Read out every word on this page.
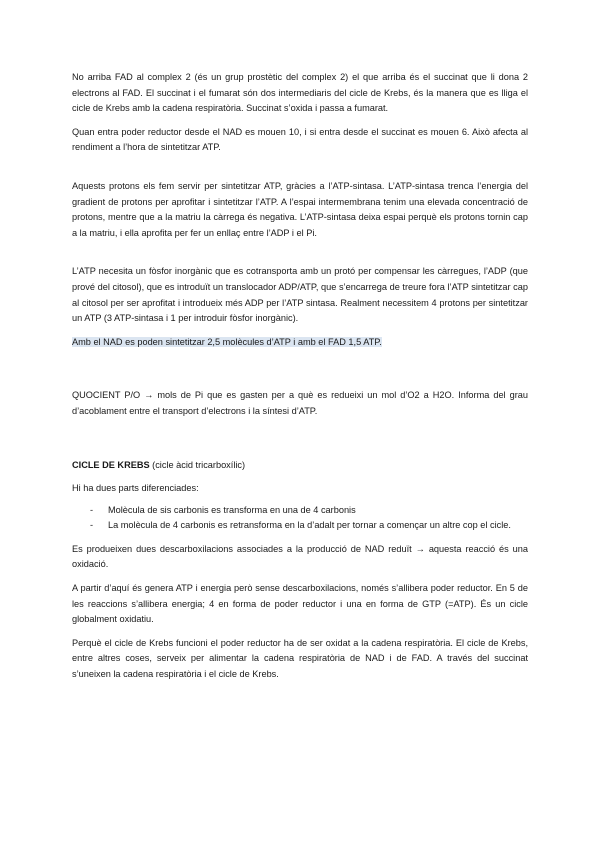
No arriba FAD al complex 2 (és un grup prostètic del complex 2) el que arriba és el succinat que li dona 2 electrons al FAD. El succinat i el fumarat són dos intermediaris del cicle de Krebs, és la manera que es lliga el cicle de Krebs amb la cadena respiratòria. Succinat s’oxida i passa a fumarat.

Quan entra poder reductor desde el NAD es mouen 10, i si entra desde el succinat es mouen 6. Això afecta al rendiment a l’hora de sintetitzar ATP.

Aquests protons els fem servir per sintetitzar ATP, gràcies a l’ATP-sintasa. L’ATP-sintasa trenca l’energia del gradient de protons per aprofitar i sintetitzar l’ATP. A l’espai intermembrana tenim una elevada concentració de protons, mentre que a la matriu la càrrega és negativa. L’ATP-sintasa deixa espai perquè els protons tornin cap a la matriu, i ella aprofita per fer un enllaç entre l’ADP i el Pi.

L’ATP necesita un fòsfor inorgànic que es cotransporta amb un protó per compensar les càrregues, l’ADP (que prové del citosol), que es introduït un translocador ADP/ATP, que s’encarrega de treure fora l’ATP sintetitzar cap al citosol per ser aprofitat i introdueix més ADP per l’ATP sintasa. Realment necessitem 4 protons per sintetitzar un ATP (3 ATP-sintasa i 1 per introduir fòsfor inorgànic).

Amb el NAD es poden sintetitzar 2,5 molècules d’ATP i amb el FAD 1,5 ATP.

QUOCIENT P/O → mols de Pi que es gasten per a què es redueixi un mol d’O2 a H2O. Informa del grau d’acoblament entre el transport d’electrons i la síntesi d’ATP.

CICLE DE KREBS (cicle àcid tricarboxílic)

Hi ha dues parts diferenciades:

- Molècula de sis carbonis es transforma en una de 4 carbonis
- La molècula de 4 carbonis es retransforma en la d’adalt per tornar a començar un altre cop el cicle.

Es produeixen dues descarboxilacions associades a la producció de NAD reduït → aquesta reacció és una oxidació.

A partir d’aquí és genera ATP i energia però sense descarboxilacions, només s’allibera poder reductor. En 5 de les reaccions s’allibera energia; 4 en forma de poder reductor i una en forma de GTP (=ATP). És un cicle globalment oxidatiu.

Perquè el cicle de Krebs funcioni el poder reductor ha de ser oxidat a la cadena respiratòria. El cicle de Krebs, entre altres coses, serveix per alimentar la cadena respiratòria de NAD i de FAD. A través del succinat s’uneixen la cadena respiratòria i el cicle de Krebs.
